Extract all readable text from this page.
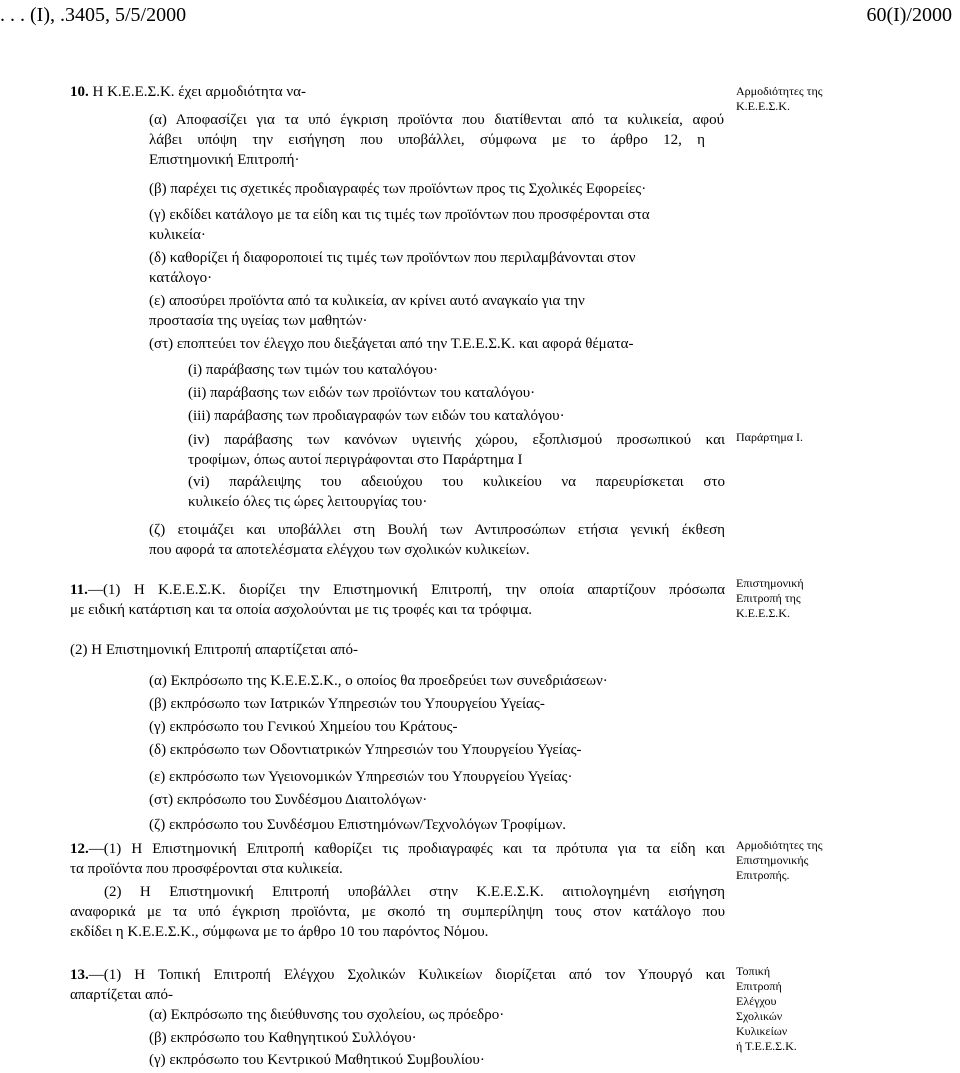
. . . (Ι), .3405, 5/5/2000	60(Ι)/2000
10. Η Κ.Ε.Ε.Σ.Κ. έχει αρμοδιότητα να-
(α) Αποφασίζει για τα υπό έγκριση προϊόντα που διατίθενται από τα κυλικεία, αφού
λάβει υπόψη την εισήγηση που υποβάλλει, σύμφωνα με το άρθρο 12, η
Επιστημονική Επιτροπή·
(β) παρέχει τις σχετικές προδιαγραφές των προϊόντων προς τις Σχολικές Εφορείες·
(γ) εκδίδει κατάλογο με τα είδη και τις τιμές των προϊόντων που προσφέρονται στα
κυλικεία·
(δ) καθορίζει ή διαφοροποιεί τις τιμές των προϊόντων που περιλαμβάνονται στον
κατάλογο·
(ε) αποσύρει προϊόντα από τα κυλικεία, αν κρίνει αυτό αναγκαίο για την
προστασία της υγείας των μαθητών·
(στ) εποπτεύει τον έλεγχο που διεξάγεται από την Τ.Ε.Ε.Σ.Κ. και αφορά θέματα-
(i) παράβασης των τιμών του καταλόγου·
(ii) παράβασης των ειδών των προϊόντων του καταλόγου·
(iii) παράβασης των προδιαγραφών των ειδών του καταλόγου·
(iv) παράβασης των κανόνων υγιεινής χώρου, εξοπλισμού προσωπικού και
τροφίμων, όπως αυτοί περιγράφονται στο Παράρτημα Ι
(vi) παράλειψης του αδειούχου του κυλικείου να παρευρίσκεται στο
κυλικείο όλες τις ώρες λειτουργίας του·
(ζ) ετοιμάζει και υποβάλλει στη Βουλή των Αντιπροσώπων ετήσια γενική έκθεση
που αφορά τα αποτελέσματα ελέγχου των σχολικών κυλικείων.
11.—(1) Η Κ.Ε.Ε.Σ.Κ. διορίζει την Επιστημονική Επιτροπή, την οποία απαρτίζουν πρόσωπα
με ειδική κατάρτιση και τα οποία ασχολούνται με τις τροφές και τα τρόφιμα.
(2) Η Επιστημονική Επιτροπή απαρτίζεται από-
(α) Εκπρόσωπο της Κ.Ε.Ε.Σ.Κ., ο οποίος θα προεδρεύει των συνεδριάσεων·
(β) εκπρόσωπο των Ιατρικών Υπηρεσιών του Υπουργείου Υγείας-
(γ) εκπρόσωπο του Γενικού Χημείου του Κράτους-
(δ) εκπρόσωπο των Οδοντιατρικών Υπηρεσιών του Υπουργείου Υγείας-
(ε) εκπρόσωπο των Υγειονομικών Υπηρεσιών του Υπουργείου Υγείας·
(στ) εκπρόσωπο του Συνδέσμου Διαιτολόγων·
(ζ) εκπρόσωπο του Συνδέσμου Επιστημόνων/Τεχνολόγων Τροφίμων.
12.—(1) Η Επιστημονική Επιτροπή καθορίζει τις προδιαγραφές και τα πρότυπα για τα είδη και
τα προϊόντα που προσφέρονται στα κυλικεία.
(2) Η Επιστημονική Επιτροπή υποβάλλει στην Κ.Ε.Ε.Σ.Κ. αιτιολογημένη εισήγηση
αναφορικά με τα υπό έγκριση προϊόντα, με σκοπό τη συμπερίληψη τους στον κατάλογο που
εκδίδει η Κ.Ε.Ε.Σ.Κ., σύμφωνα με το άρθρο 10 του παρόντος Νόμου.
13.—(1) Η Τοπική Επιτροπή Ελέγχου Σχολικών Κυλικείων διορίζεται από τον Υπουργό και
απαρτίζεται από-
(α) Εκπρόσωπο της διεύθυνσης του σχολείου, ως πρόεδρο·
(β) εκπρόσωπο του Καθηγητικού Συλλόγου·
(γ) εκπρόσωπο του Κεντρικού Μαθητικού Συμβουλίου·
Αρμοδιότητες της
Κ.Ε.Ε.Σ.Κ.
Παράρτημα Ι.
Επιστημονική
Επιτροπή της
Κ.Ε.Ε.Σ.Κ.
Αρμοδιότητες της
Επιστημονικής
Επιτροπής.
Τοπική
Επιτροπή
Ελέγχου
Σχολικών
Κυλικείων
ή Τ.Ε.Ε.Σ.Κ.
